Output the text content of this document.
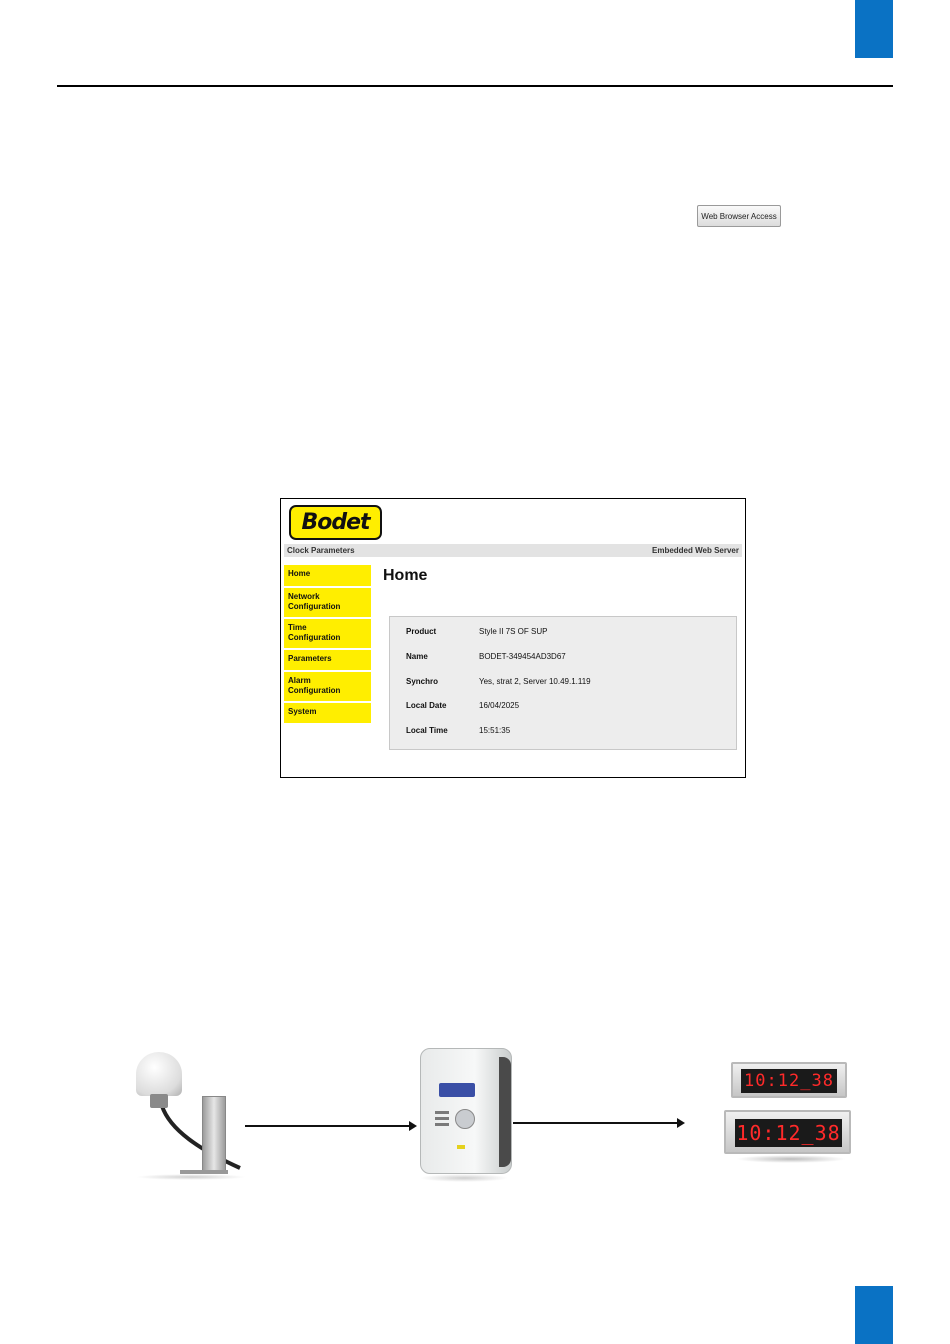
Web Browser Access
Bodet
Clock Parameters	Embedded Web Server
Home
Network
Configuration
Time
Configuration
Parameters
Alarm
Configuration
System
Home
Product	Style II 7S OF SUP
Name	BODET-349454AD3D67
Synchro	Yes, strat 2, Server 10.49.1.119
Local Date	16/04/2025
Local Time	15:51:35
10:12_38
10:12_38
